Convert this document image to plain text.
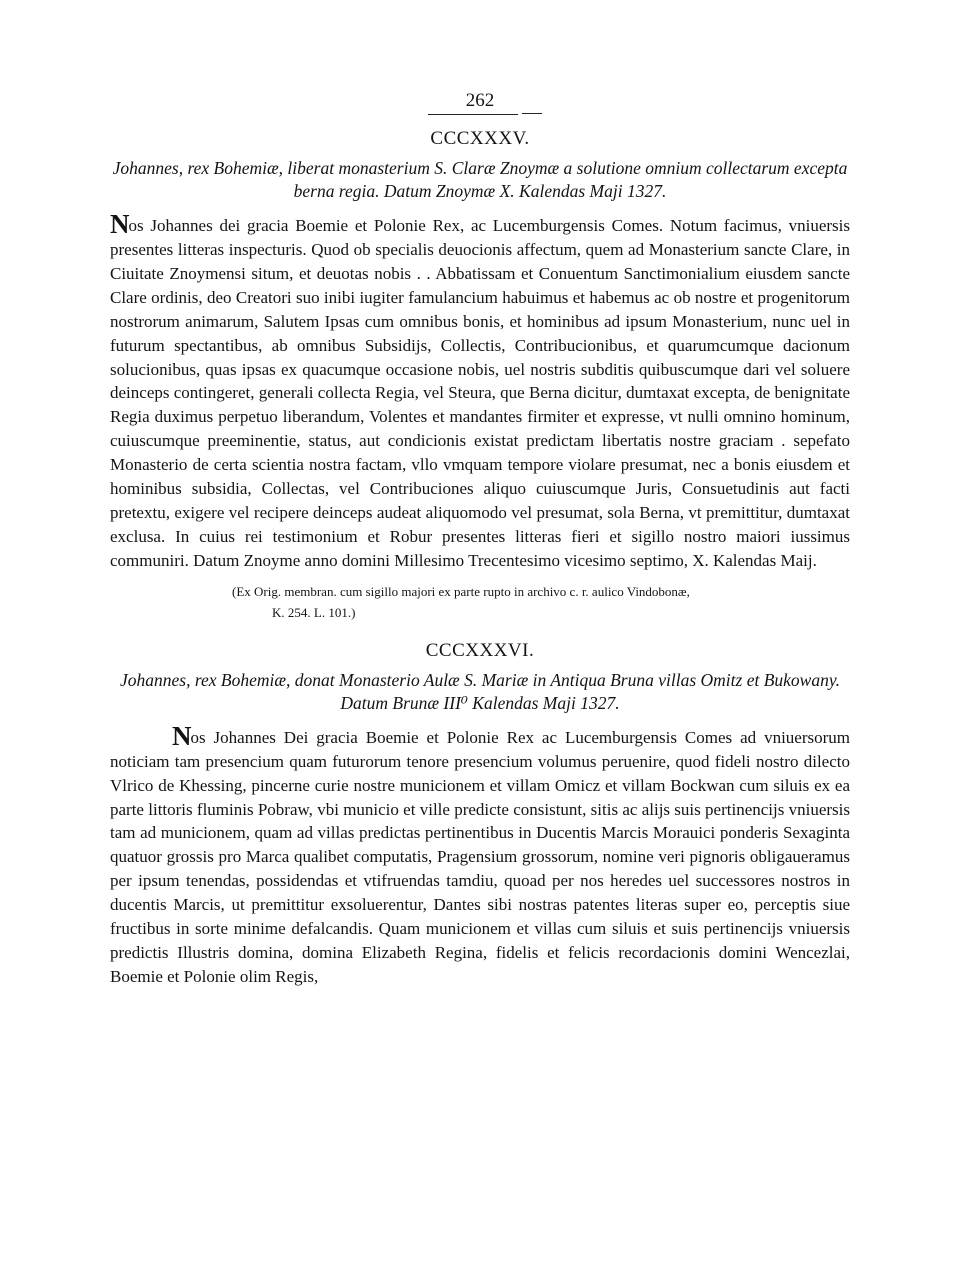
262

CCCXXXV.

Johannes, rex Bohemiæ, liberat monasterium S. Claræ Znoymæ a solutione omnium collectarum excepta berna regia. Datum Znoymæ X. Kalendas Maji 1327.

Nos Johannes dei gracia Boemie et Polonie Rex, ac Lucemburgensis Comes. Notum facimus, vniuersis presentes litteras inspecturis. Quod ob specialis deuocionis affectum, quem ad Monasterium sancte Clare, in Ciuitate Znoymensi situm, et deuotas nobis . . Abbatissam et Conuentum Sanctimonialium eiusdem sancte Clare ordinis, deo Creatori suo inibi iugiter famulancium habuimus et habemus ac ob nostre et progenitorum nostrorum animarum, Salutem Ipsas cum omnibus bonis, et hominibus ad ipsum Monasterium, nunc uel in futurum spectantibus, ab omnibus Subsidijs, Collectis, Contribucionibus, et quarumcumque dacionum solucionibus, quas ipsas ex quacumque occasione nobis, uel nostris subditis quibuscumque dari vel soluere deinceps contingeret, generali collecta Regia, vel Steura, que Berna dicitur, dumtaxat excepta, de benignitate Regia duximus perpetuo liberandum, Volentes et mandantes firmiter et expresse, vt nulli omnino hominum, cuiuscumque preeminentie, status, aut condicionis existat predictam libertatis nostre graciam . sepefato Monasterio de certa scientia nostra factam, vllo vmquam tempore violare presumat, nec a bonis eiusdem et hominibus subsidia, Collectas, vel Contribuciones aliquo cuiuscumque Juris, Consuetudinis aut facti pretextu, exigere vel recipere deinceps audeat aliquomodo vel presumat, sola Berna, vt premittitur, dumtaxat exclusa. In cuius rei testimonium et Robur presentes litteras fieri et sigillo nostro maiori iussimus communiri. Datum Znoyme anno domini Millesimo Trecentesimo vicesimo septimo, X. Kalendas Maij.

(Ex Orig. membran. cum sigillo majori ex parte rupto in archivo c. r. aulico Vindobonæ,
K. 254. L. 101.)

CCCXXXVI.

Johannes, rex Bohemiæ, donat Monasterio Aulæ S. Mariæ in Antiqua Bruna villas Omitz et Bukowany. Datum Brunæ III⁰ Kalendas Maji 1327.

Nos Johannes Dei gracia Boemie et Polonie Rex ac Lucemburgensis Comes ad vniuersorum noticiam tam presencium quam futurorum tenore presencium volumus peruenire, quod fideli nostro dilecto Vlrico de Khessing, pincerne curie nostre municionem et villam Omicz et villam Bockwan cum siluis ex ea parte littoris fluminis Pobraw, vbi municio et ville predicte consistunt, sitis ac alijs suis pertinencijs vniuersis tam ad municionem, quam ad villas predictas pertinentibus in Ducentis Marcis Morauici ponderis Sexaginta quatuor grossis pro Marca qualibet computatis, Pragensium grossorum, nomine veri pignoris obligaueramus per ipsum tenendas, possidendas et vtifruendas tamdiu, quoad per nos heredes uel successores nostros in ducentis Marcis, ut premittitur exsoluerentur, Dantes sibi nostras patentes literas super eo, perceptis siue fructibus in sorte minime defalcandis. Quam municionem et villas cum siluis et suis pertinencijs vniuersis predictis Illustris domina, domina Elizabeth Regina, fidelis et felicis recordacionis domini Wencezlai, Boemie et Polonie olim Regis,
